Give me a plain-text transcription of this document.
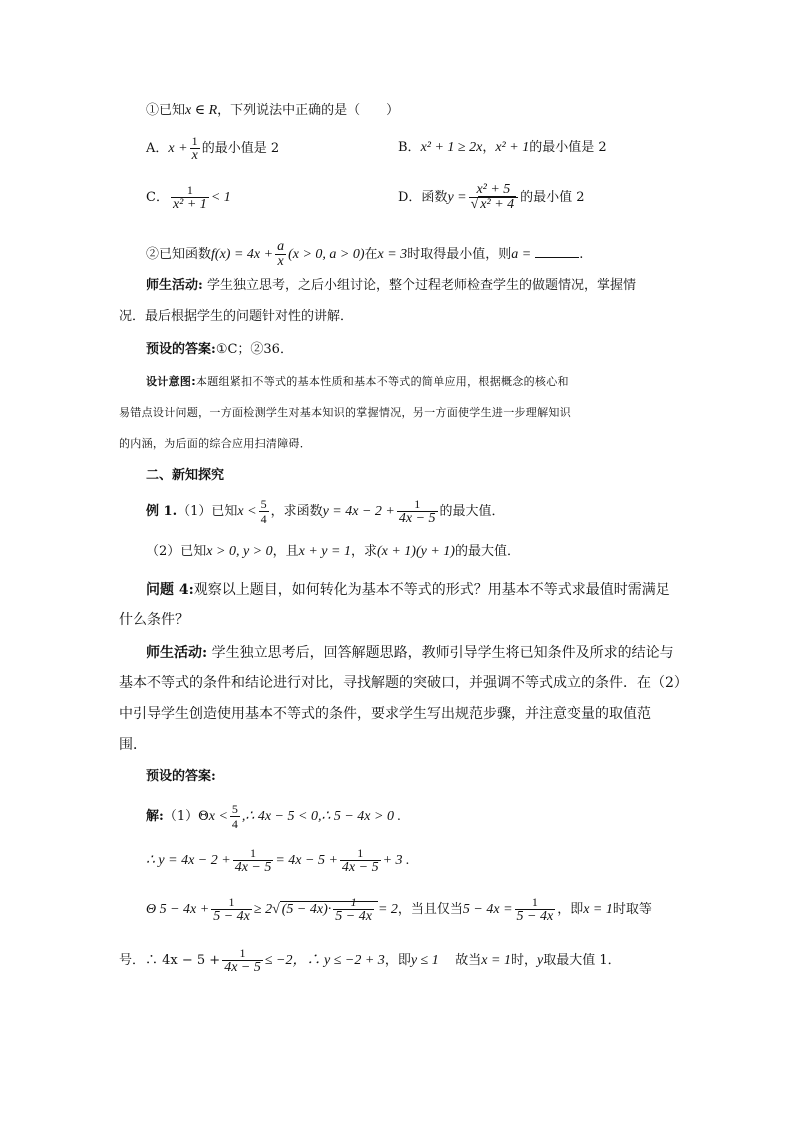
①已知x ∈ R，下列说法中正确的是（　　）
A．$x + \frac{1}{x}$ 的最小值是 2	B．x² + 1 ≥ 2x，x² + 1的最小值是 2
C． $\frac{1}{\text{x² + 1}} < 1$	D．函数$y = \frac{\text{x² + 5}}{\text{√ x² + 4}}$ 的最小值 2
②已知函数$f(x) = 4x + \frac{a}{x} (x > 0$, a > 0)在x = 3时取得最小值，则a =	.
师生活动: 学生独立思考，之后小组讨论，整个过程老师检查学生的做题情况，掌握情
况．最后根据学生的问题针对性的讲解．
预设的答案:①C；②36．
设计意图:本题组紧扣不等式的基本性质和基本不等式的简单应用，根据概念的核心和
易错点设计问题，一方面检测学生对基本知识的掌握情况，另一方面使学生进一步理解知识
的内涵，为后面的综合应用扫清障碍．
二、新知探究
例 1.（1）已知$x < \frac{5}{4}$ ，求函数$y = 4x - 2 + \frac{1}{4x - 5}$ 的最大值．
（2）已知x > 0, y > 0，且x + y = 1，求(x + 1)(y + 1)的最大值．
问题 4:观察以上题目，如何转化为基本不等式的形式？用基本不等式求最值时需满足
什么条件？
师生活动: 学生独立思考后，回答解题思路，教师引导学生将已知条件及所求的结论与
基本不等式的条件和结论进行对比，寻找解题的突破口，并强调不等式成立的条件．在（2）
中引导学生创造使用基本不等式的条件，要求学生写出规范步骤，并注意变量的取值范
围．
预设的答案:
解:（1）Θx < $\frac{5}{4}$ ,∴ 4x − 5 < 0,∴ 5 − 4x > 0 .
∴ $y = 4x - 2 + \frac{1}{4x - 5} = 4x - 5 + \frac{1}{4x - 5} + 3$ .
Θ $5 - 4x + \frac{1}{5 - 4x} \ge 2√$ $(5 - 4x)\cdot \frac{1}{5 - 4x} = 2$，当且仅当$5 - 4x = \frac{1}{5 - 4x}$ ，即x = 1时取等
号．∴ $4x - 5 + \frac{1}{4x - 5} \le -2$，∴ y ≤ −2 + 3，即y ≤ 1 故当x = 1时，y取最大值 1．
